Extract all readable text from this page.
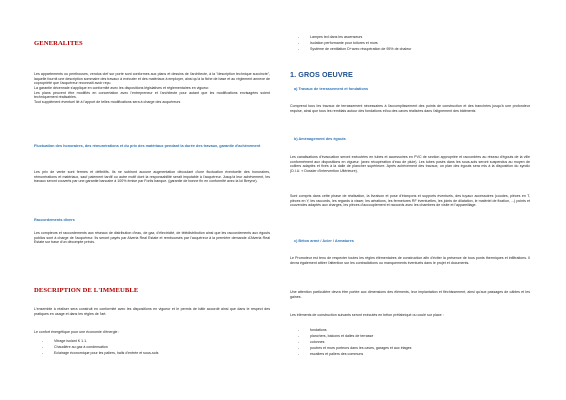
GENERALITES

Les appartements ou penthouses, vendus clef sur porte sont conformes aux plans et dessins de l'architecte, à la "description technique succincte", laquelle fournit une description sommaire des travaux à exécuter et des matériaux à employer, ainsi qu'à la fiche de base et au règlement annexe de copropriété que l'acquéreur reconnaît avoir reçu.

La garantie décennale s'applique en conformité avec les dispositions législatives et réglementaires en vigueur.

Les plans peuvent être modifiés en concertation avec l'entrepreneur et l'architecte pour autant que les modifications envisagées soient techniquement réalisables.

Tout supplément éventuel lié à l'apport de telles modifications sera à charge des acquéreurs

Fluctuation des honoraires, des rémunérations et du prix des matériaux pendant la durée des travaux, garantie d'achèvement

Les prix de vente sont fermes et définitifs. Ils ne subiront aucune augmentation découlant d'une fluctuation éventuelle des honoraires, rémunérations et matériaux, sauf paiement tardif ou autre motif dont la responsabilité serait imputable à l'acquéreur. Jusqu'à leur achèvement, les travaux seront couverts par une garantie bancaire à 100% émise par Fortis banque. (garantie de bonne fin en conformité avec la loi Breyne).

Raccordements divers

Les compteurs et raccordements aux réseaux de distribution d'eau, de gaz, d'électricité, de télédistribution ainsi que les raccordements aux égouts publics sont à charge de l'acquéreur. Ils seront payés par Alveria Real Estate et remboursés par l'acquéreur à la première demande d'Alveria Real Estate sur base d'un décompte précis.

DESCRIPTION DE L'IMMEUBLE

L'ensemble à réaliser sera construit en conformité avec les dispositions en vigueur et le permis de bâtir accordé ainsi que dans le respect des pratiques en usage et dans les règles de l'art.

Le confort énergétique pour une économie d'énergie :

- Vitrage isolant K 1.1.
- Chaudière au gaz à condensation
- Eclairage économique pour les paliers, halls d'entrée et sous-sols
- Lampes led dans les ascenseurs
- Isolation performante pour toitures et murs
- Système de ventilation D+avec récupération de 95% de chaleur
1. GROS OEUVRE
a) Travaux de terrassement et fondations

Comprend tous les travaux de terrassement nécessaires à l'accomplissement des points de construction et des tranchées jusqu'à une profondeur requise, ainsi que tous les remblais autour des fondations et/ou des caves réalisées dans l'alignement des bâtiments

b) Aménagement des égouts

Les canalisations d'évacuation seront exécutées en tubes et accessoires en PVC de section appropriée et raccordées au réseau d'égouts de la ville conformément aux dispositions en vigueur. (avec récupération d'eau de pluie). Les tubes posés dans les sous-sols seront suspendus au moyen de colliers adaptés et fixés à la dalle de plancher supérieure. Après achèvement des travaux, un plan des égouts sera mis à la disposition du syndic (D.I.U. « Dossier d'Intervention Ultérieure).

Sont compris dans cette phase de réalisation, la livraison et pose d'étançons et supports éventuels, des tuyaux accessoires (coudes, pièces en T, pièces en Y, les raccords, les regards à visser, les aérations, les fermetures RF éventuelles, les joints de dilatation, le matériel de fixation, ...) points et couvercles adaptés aux charges, les pièces d'accouplement et raccords avec les chambres de visite et l'appareillage.

c) Béton armé / Acier / Armatures

Le Promoteur est tenu de respecter toutes les règles élémentaires de construction afin d'éviter la présence de tous ponts thermiques et infiltrations. Il devra également attirer l'attention sur les contradictions ou manquements éventuels dans le projet et documents.

Une attention particulière devra être portée aux dimensions des éléments, leur implantation et fléchissement, ainsi qu'aux passages de câbles et les gaines.

Les éléments de construction suivants seront exécutés en béton préfabriqué ou coulé sur place :

- fondations
- planchers, balcons et dalles de terrasse
- colonnes
- poutres et murs porteurs dans les caves, garages et aux étages
- escaliers et paliers des communs
